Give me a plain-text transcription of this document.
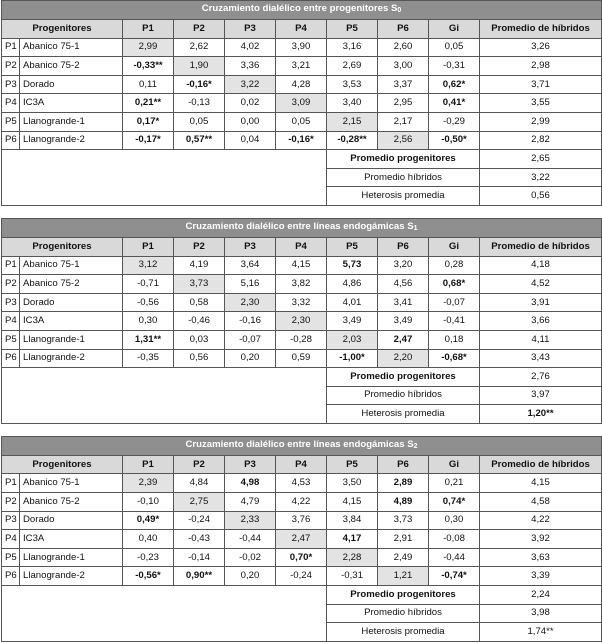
Cruzamiento dialélico entre progenitores $S_0$
Progenitores		P1	P2	P3	P4	P5	P6	Gi	Promedio de híbridos
P1	Abanico 75-1	2,99	2,62	4,02	3,90	3,16	2,60	0,05	3,26
P2	Abanico 75-2	-0,33**	1,90	3,36	3,21	2,69	3,00	-0,31	2,98
P3	Dorado	0,11	-0,16*	3,22	4,28	3,53	3,37	0,62*	3,71
P4	IC3A	0,21**	-0,13	0,02	3,09	3,40	2,95	0,41*	3,55
P5	Llanogrande-1	0,17*	0,05	0,00	0,05	2,15	2,17	-0,29	2,99
P6	Llanogrande-2	-0,17*	0,57**	0,04	-0,16*	-0,28**	2,56	-0,50*	2,82
						Promedio progenitores			2,65
						Promedio híbridos			3,22
						Heterosis promedia			0,56
Cruzamiento dialélico entre líneas endogámicas $S_1$
Progenitores		P1	P2	P3	P4	P5	P6	Gi	Promedio de híbridos
P1	Abanico 75-1	3,12	4,19	3,64	4,15	5,73	3,20	0,28	4,18
P2	Abanico 75-2	-0,71	3,73	5,16	3,82	4,86	4,56	0,68*	4,52
P3	Dorado	-0,56	0,58	2,30	3,32	4,01	3,41	-0,07	3,91
P4	IC3A	0,30	-0,46	-0,16	2,30	3,49	3,49	-0,41	3,66
P5	Llanogrande-1	1,31**	0,03	-0,07	-0,28	2,03	2,47	0,18	4,11
P6	Llanogrande-2	-0,35	0,56	0,20	0,59	-1,00*	2,20	-0,68*	3,43
						Promedio progenitores			2,76
						Promedio híbridos			3,97
						Heterosis promedia			1,20**
Cruzamiento dialélico entre líneas endogámicas $S_2$
Progenitores		P1	P2	P3	P4	P5	P6	Gi	Promedio de híbridos
P1	Abanico 75-1	2,39	4,84	4,98	4,53	3,50	2,89	0,21	4,15
P2	Abanico 75-2	-0,10	2,75	4,79	4,22	4,15	4,89	0,74*	4,58
P3	Dorado	0,49*	-0,24	2,33	3,76	3,84	3,73	0,30	4,22
P4	IC3A	0,40	-0,43	-0,44	2,47	4,17	2,91	-0,08	3,92
P5	Llanogrande-1	-0,23	-0,14	-0,02	0,70*	2,28	2,49	-0,44	3,63
P6	Llanogrande-2	-0,56*	0,90**	0,20	-0,24	-0,31	1,21	-0,74*	3,39
						Promedio progenitores			2,24
						Promedio híbridos			3,98
						Heterosis promedia			1,74**
